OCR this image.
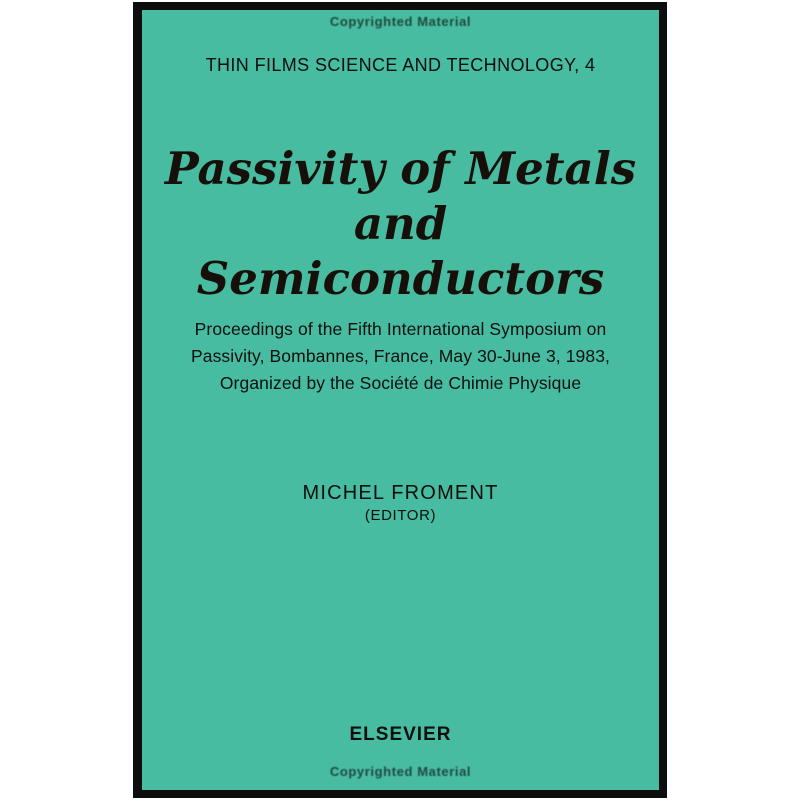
Copyrighted Material
THIN FILMS SCIENCE AND TECHNOLOGY, 4
Passivity of Metals
and
Semiconductors
Proceedings of the Fifth International Symposium on
Passivity, Bombannes, France, May 30-June 3, 1983,
Organized by the Société de Chimie Physique
MICHEL FROMENT
(EDITOR)
ELSEVIER
Copyrighted Material
